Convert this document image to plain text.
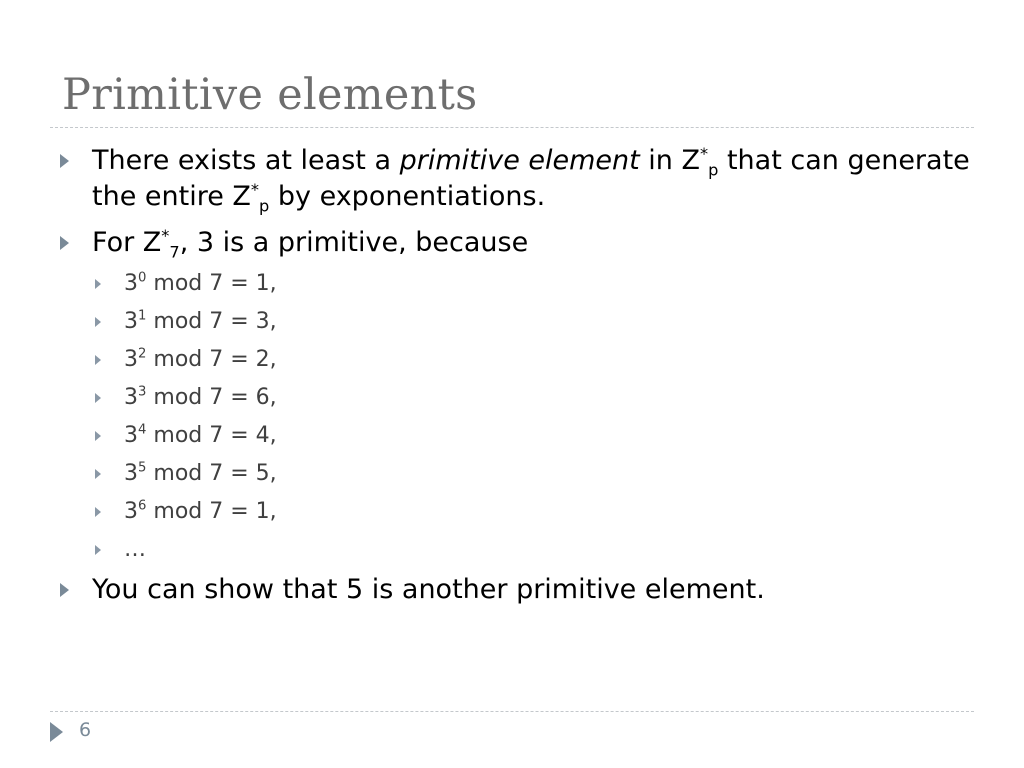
Primitive elements
There exists at least a primitive element in $Z^*_p$ that can generate
the entire $Z^*_p$ by exponentiations.
For $Z^*_7$, 3 is a primitive, because
$3^0$ mod 7 = 1,
$3^1$ mod 7 = 3,
$3^2$ mod 7 = 2,
$3^3$ mod 7 = 6,
$3^4$ mod 7 = 4,
$3^5$ mod 7 = 5,
$3^6$ mod 7 = 1,
…
You can show that 5 is another primitive element.
6
